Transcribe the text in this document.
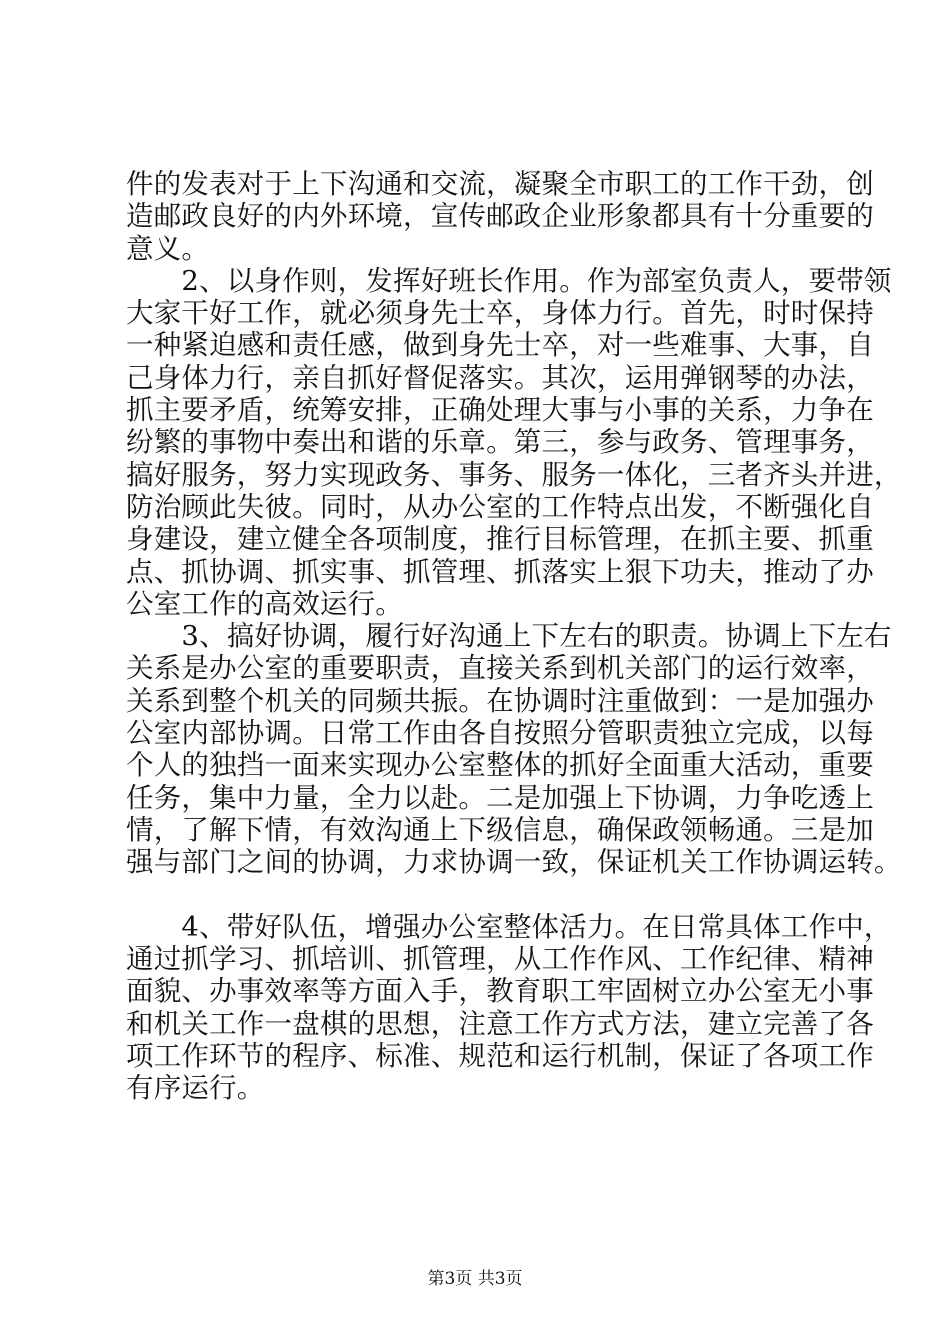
件的发表对于上下沟通和交流，凝聚全市职工的工作干劲，创
造邮政良好的内外环境，宣传邮政企业形象都具有十分重要的
意义。
　　2、以身作则，发挥好班长作用。作为部室负责人，要带领
大家干好工作，就必须身先士卒，身体力行。首先，时时保持
一种紧迫感和责任感，做到身先士卒，对一些难事、大事，自
己身体力行，亲自抓好督促落实。其次，运用弹钢琴的办法，
抓主要矛盾，统筹安排，正确处理大事与小事的关系，力争在
纷繁的事物中奏出和谐的乐章。第三，参与政务、管理事务，
搞好服务，努力实现政务、事务、服务一体化，三者齐头并进，
防治顾此失彼。同时，从办公室的工作特点出发，不断强化自
身建设，建立健全各项制度，推行目标管理，在抓主要、抓重
点、抓协调、抓实事、抓管理、抓落实上狠下功夫，推动了办
公室工作的高效运行。
　　3、搞好协调，履行好沟通上下左右的职责。协调上下左右
关系是办公室的重要职责，直接关系到机关部门的运行效率，
关系到整个机关的同频共振。在协调时注重做到：一是加强办
公室内部协调。日常工作由各自按照分管职责独立完成，以每
个人的独挡一面来实现办公室整体的抓好全面重大活动，重要
任务，集中力量，全力以赴。二是加强上下协调，力争吃透上
情，了解下情，有效沟通上下级信息，确保政领畅通。三是加
强与部门之间的协调，力求协调一致，保证机关工作协调运转。
　　4、带好队伍，增强办公室整体活力。在日常具体工作中，
通过抓学习、抓培训、抓管理，从工作作风、工作纪律、精神
面貌、办事效率等方面入手，教育职工牢固树立办公室无小事
和机关工作一盘棋的思想，注意工作方式方法，建立完善了各
项工作环节的程序、标准、规范和运行机制，保证了各项工作
有序运行。
第3页 共3页
